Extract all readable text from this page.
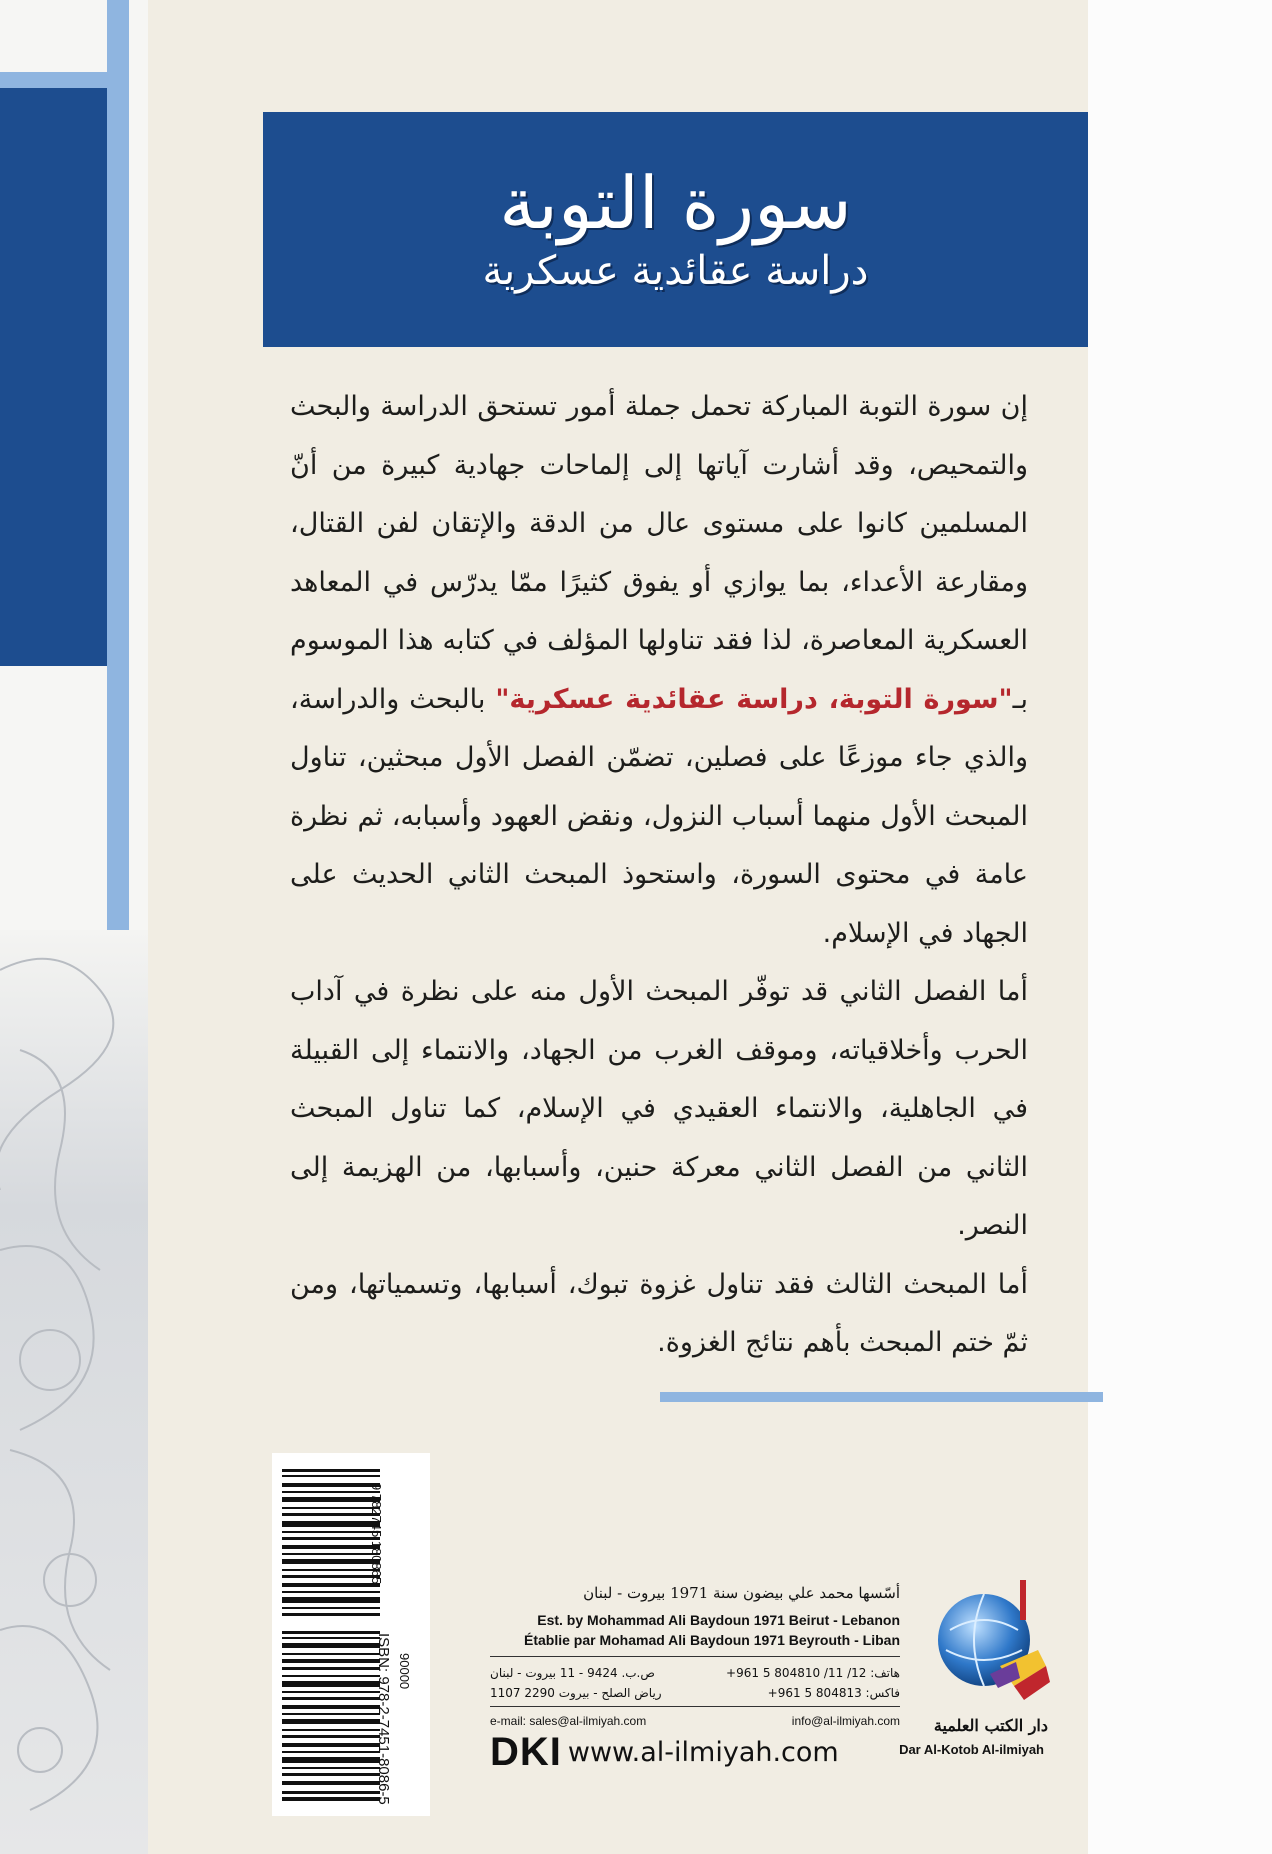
سورة التوبة
دراسة عقائدية عسكرية

إن سورة التوبة المباركة تحمل جملة أمور تستحق الدراسة والبحث والتمحيص، وقد أشارت آياتها إلى إلماحات جهادية كبيرة من أنّ المسلمين كانوا على مستوى عال من الدقة والإتقان لفن القتال، ومقارعة الأعداء، بما يوازي أو يفوق كثيرًا ممّا يدرّس في المعاهد العسكرية المعاصرة، لذا فقد تناولها المؤلف في كتابه هذا الموسوم بـ"سورة التوبة، دراسة عقائدية عسكرية" بالبحث والدراسة، والذي جاء موزعًا على فصلين، تضمّن الفصل الأول مبحثين، تناول المبحث الأول منهما أسباب النزول، ونقض العهود وأسبابه، ثم نظرة عامة في محتوى السورة، واستحوذ المبحث الثاني الحديث على الجهاد في الإسلام.

أما الفصل الثاني قد توفّر المبحث الأول منه على نظرة في آداب الحرب وأخلاقياته، وموقف الغرب من الجهاد، والانتماء إلى القبيلة في الجاهلية، والانتماء العقيدي في الإسلام، كما تناول المبحث الثاني من الفصل الثاني معركة حنين، وأسبابها، من الهزيمة إلى النصر.

أما المبحث الثالث فقد تناول غزوة تبوك، أسبابها، وتسمياتها، ومن ثمّ ختم المبحث بأهم نتائج الغزوة.

9 782745 180865
ISBN: 978-2-7451-8086-5 90000
أسّسها محمد علي بيضون سنة 1971 بيروت - لبنان
Est. by Mohammad Ali Baydoun 1971 Beirut - Lebanon
Établie par Mohamad Ali Baydoun 1971 Beyrouth - Liban
ص.ب. 9424 - 11 بيروت - لبنان	هاتف: 12/ 11/ 804810 5 961+
رياض الصلح - بيروت 2290 1107	فاكس: 804813 5 961+
e-mail: sales@al-ilmiyah.com	info@al-ilmiyah.com
DKI www.al-ilmiyah.com
دار الكتب العلمية
Dar Al-Kotob Al-ilmiyah
